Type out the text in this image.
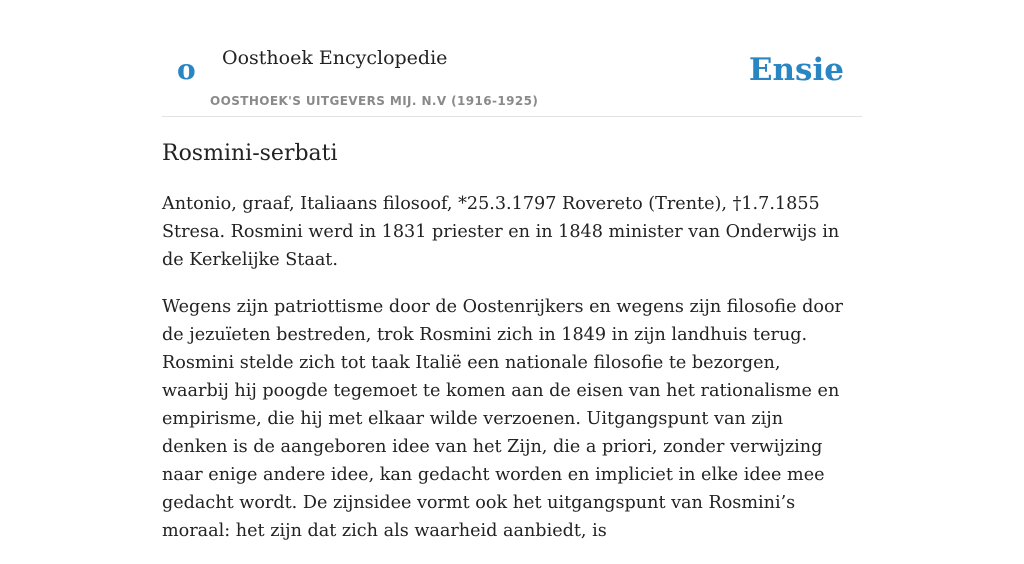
o Oosthoek Encyclopedie
OOSTHOEK'S UITGEVERS MIJ. N.V (1916-1925)
Ensie
Rosmini-serbati

Antonio, graaf, Italiaans filosoof, *25.3.1797 Rovereto (Trente), †1.7.1855 Stresa. Rosmini werd in 1831 priester en in 1848 minister van Onderwijs in de Kerkelijke Staat.

Wegens zijn patriottisme door de Oostenrijkers en wegens zijn filosofie door de jezuïeten bestreden, trok Rosmini zich in 1849 in zijn landhuis terug. Rosmini stelde zich tot taak Italië een nationale filosofie te bezorgen, waarbij hij poogde tegemoet te komen aan de eisen van het rationalisme en empirisme, die hij met elkaar wilde verzoenen. Uitgangspunt van zijn denken is de aangeboren idee van het Zijn, die a priori, zonder verwijzing naar enige andere idee, kan gedacht worden en impliciet in elke idee mee gedacht wordt. De zijnsidee vormt ook het uitgangspunt van Rosmini’s moraal: het zijn dat zich als waarheid aanbiedt, is
